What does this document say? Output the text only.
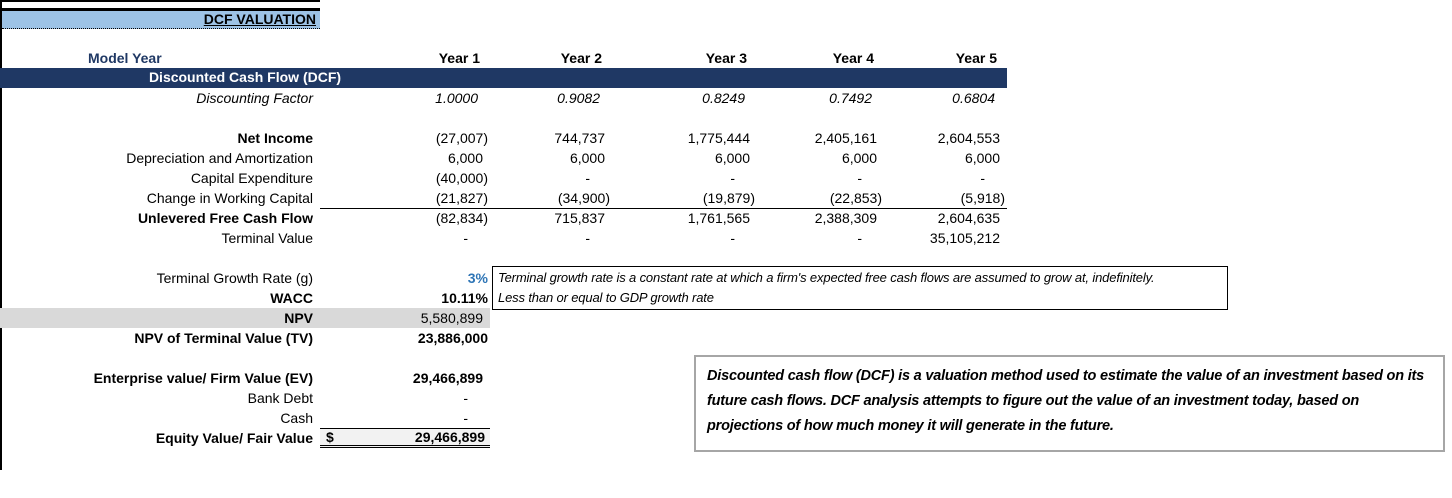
DCF VALUATION
Model Year	Year 1	Year 2	Year 3	Year 4	Year 5
Discounted Cash Flow (DCF)
Discounting Factor	1.0000	0.9082	0.8249	0.7492	0.6804
Net Income	(27,007)	744,737	1,775,444	2,405,161	2,604,553
Depreciation and Amortization	6,000	6,000	6,000	6,000	6,000
Capital Expenditure	(40,000)	-	-	-	-
Change in Working Capital	(21,827)	(34,900)	(19,879)	(22,853)	(5,918)
Unlevered Free Cash Flow	(82,834)	715,837	1,761,565	2,388,309	2,604,635
Terminal Value	-	-	-	-	35,105,212
Terminal Growth Rate (g)	3%
WACC	10.11%
NPV	5,580,899
NPV of Terminal Value (TV)	23,886,000
Enterprise value/ Firm Value (EV)	29,466,899
Bank Debt	-
Cash	-
Equity Value/ Fair Value $	29,466,899
Terminal growth rate is a constant rate at which a firm's expected free cash flows are assumed to grow at, indefinitely.
Less than or equal to GDP growth rate
Discounted cash flow (DCF) is a valuation method used to estimate the value of an investment based on its future cash flows. DCF analysis attempts to figure out the value of an investment today, based on projections of how much money it will generate in the future.
